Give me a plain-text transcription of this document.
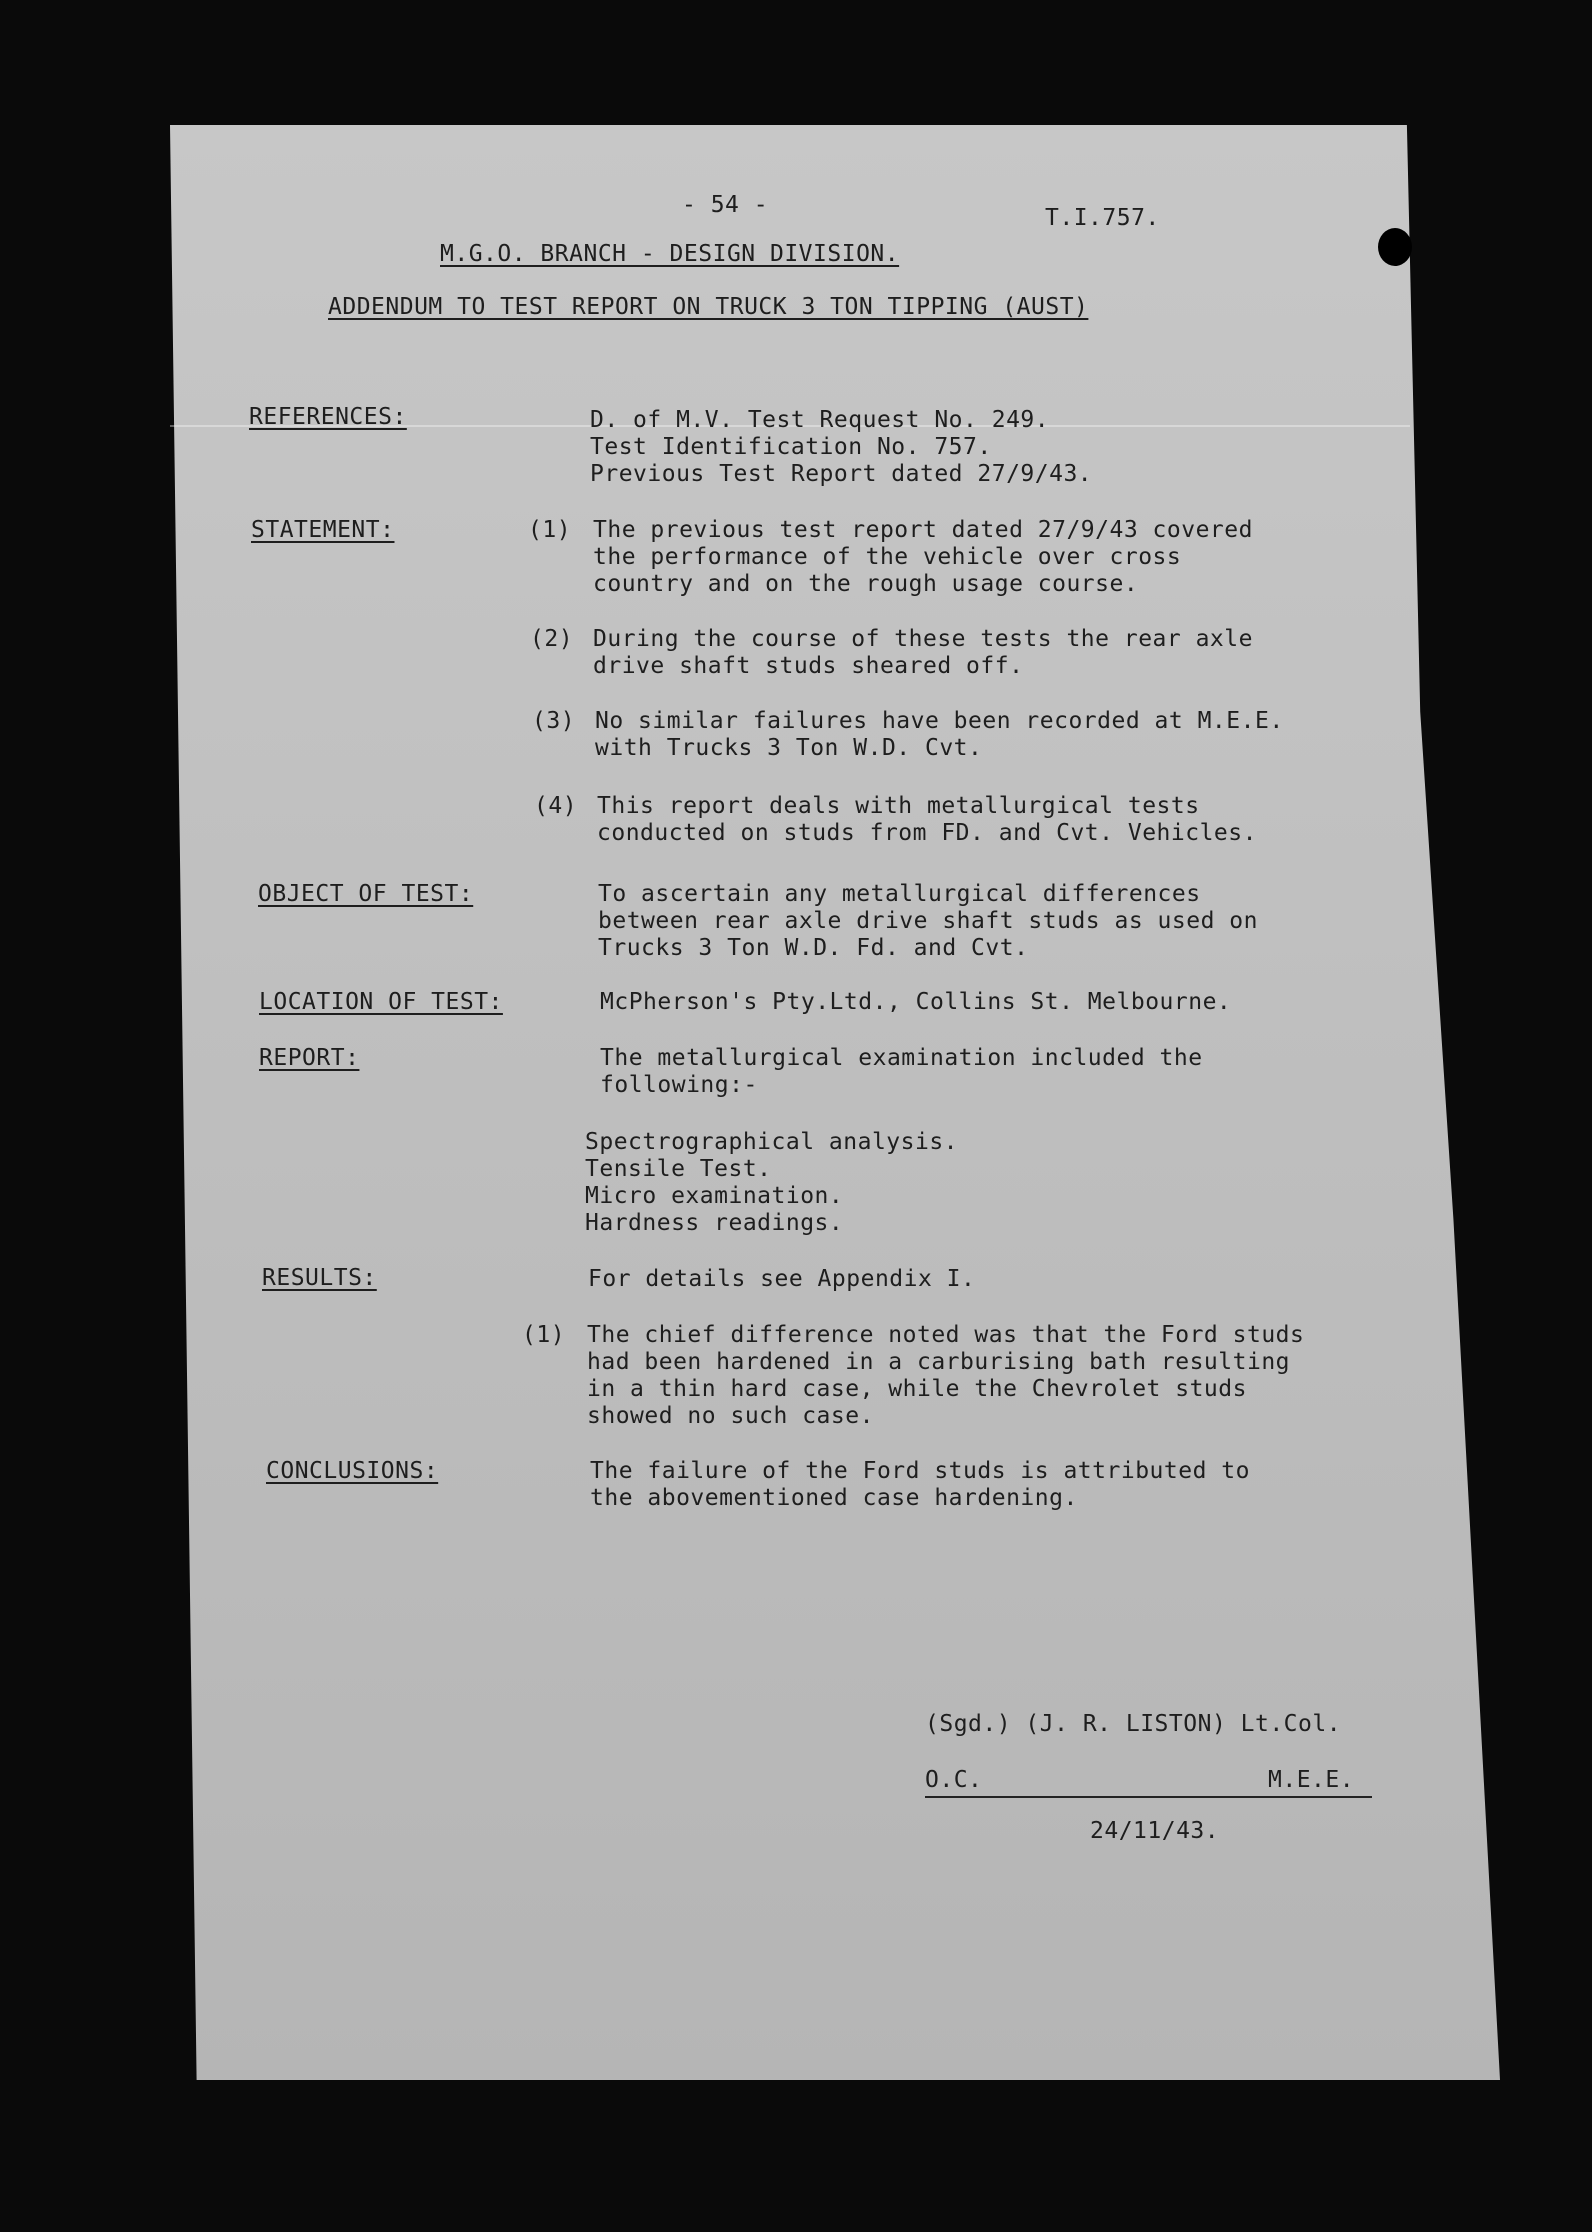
- 54 -	T.I.757.
M.G.O. BRANCH - DESIGN DIVISION.
ADDENDUM TO TEST REPORT ON TRUCK 3 TON TIPPING (AUST)
REFERENCES:	D. of M.V. Test Request No. 249.
Test Identification No. 757.
Previous Test Report dated 27/9/43.
STATEMENT:	(1) The previous test report dated 27/9/43 covered
the performance of the vehicle over cross
country and on the rough usage course.
(2) During the course of these tests the rear axle
drive shaft studs sheared off.
(3) No similar failures have been recorded at M.E.E.
with Trucks 3 Ton W.D. Cvt.
(4) This report deals with metallurgical tests
conducted on studs from FD. and Cvt. Vehicles.
OBJECT OF TEST:	To ascertain any metallurgical differences
between rear axle drive shaft studs as used on
Trucks 3 Ton W.D. Fd. and Cvt.
LOCATION OF TEST:	McPherson's Pty.Ltd., Collins St. Melbourne.
REPORT:	The metallurgical examination included the
following:-
Spectrographical analysis.
Tensile Test.
Micro examination.
Hardness readings.
RESULTS:	For details see Appendix I.
(1) The chief difference noted was that the Ford studs
had been hardened in a carburising bath resulting
in a thin hard case, while the Chevrolet studs
showed no such case.
CONCLUSIONS:	The failure of the Ford studs is attributed to
the abovementioned case hardening.
(Sgd.) (J. R. LISTON) Lt.Col.
O.C.	M.E.E.
24/11/43.
